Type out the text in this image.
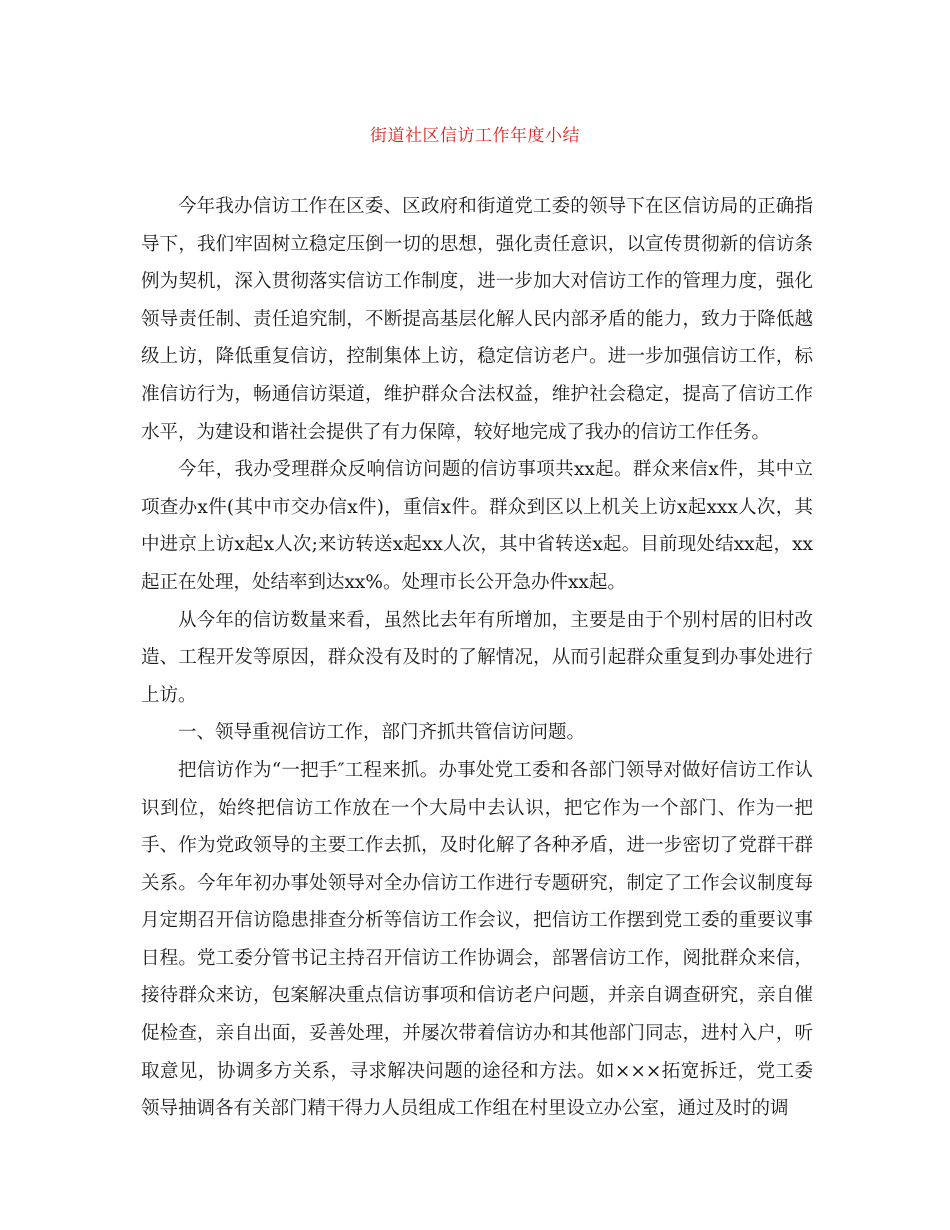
街道社区信访工作年度小结

今年我办信访工作在区委、区政府和街道党工委的领导下在区信访局的正确指导下，我们牢固树立稳定压倒一切的思想，强化责任意识，以宣传贯彻新的信访条例为契机，深入贯彻落实信访工作制度，进一步加大对信访工作的管理力度，强化领导责任制、责任追究制，不断提高基层化解人民内部矛盾的能力，致力于降低越级上访，降低重复信访，控制集体上访，稳定信访老户。进一步加强信访工作，标准信访行为，畅通信访渠道，维护群众合法权益，维护社会稳定，提高了信访工作水平，为建设和谐社会提供了有力保障，较好地完成了我办的信访工作任务。

今年，我办受理群众反响信访问题的信访事项共xx起。群众来信x件，其中立项查办x件(其中市交办信x件)，重信x件。群众到区以上机关上访x起xxx人次，其中进京上访x起x人次;来访转送x起xx人次，其中省转送x起。目前现处结xx起，xx起正在处理，处结率到达xx%。处理市长公开急办件xx起。

从今年的信访数量来看，虽然比去年有所增加，主要是由于个别村居的旧村改造、工程开发等原因，群众没有及时的了解情况，从而引起群众重复到办事处进行上访。

一、领导重视信访工作，部门齐抓共管信访问题。

把信访作为“一把手″工程来抓。办事处党工委和各部门领导对做好信访工作认识到位，始终把信访工作放在一个大局中去认识，把它作为一个部门、作为一把手、作为党政领导的主要工作去抓，及时化解了各种矛盾，进一步密切了党群干群关系。今年年初办事处领导对全办信访工作进行专题研究，制定了工作会议制度每月定期召开信访隐患排查分析等信访工作会议，把信访工作摆到党工委的重要议事日程。党工委分管书记主持召开信访工作协调会，部署信访工作，阅批群众来信，接待群众来访，包案解决重点信访事项和信访老户问题，并亲自调查研究，亲自催促检查，亲自出面，妥善处理，并屡次带着信访办和其他部门同志，进村入户，听取意见，协调多方关系，寻求解决问题的途径和方法。如×××拓宽拆迁，党工委领导抽调各有关部门精干得力人员组成工作组在村里设立办公室，通过及时的调
